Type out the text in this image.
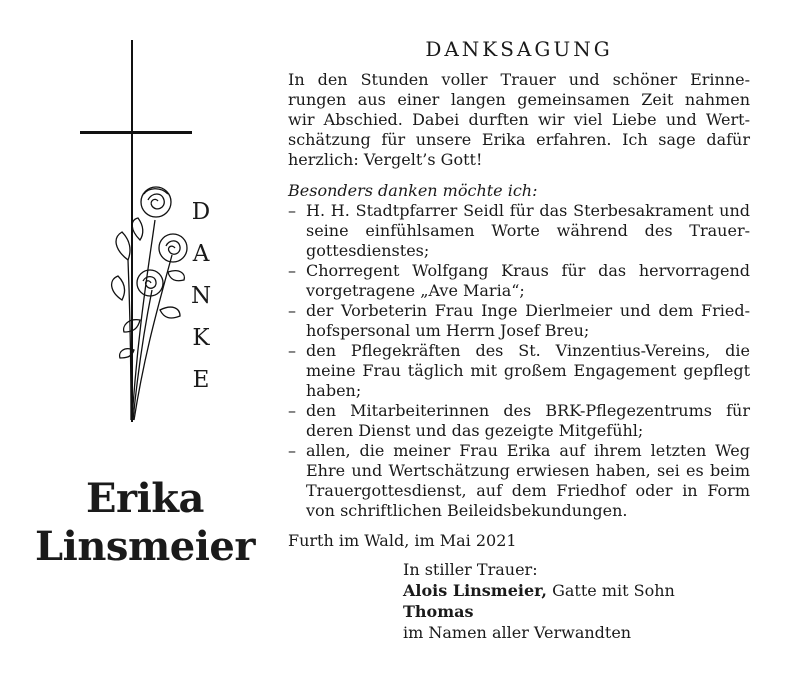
D
A
N
K
E
Erika
Linsmeier
DANKSAGUNG
In den Stunden voller Trauer und schöner Erinne-
rungen aus einer langen gemeinsamen Zeit nahmen
wir Abschied. Dabei durften wir viel Liebe und Wert-
schätzung für unsere Erika erfahren. Ich sage dafür
herzlich: Vergelt’s Gott!

Besonders danken möchte ich:

– H. H. Stadtpfarrer Seidl für das Sterbesakrament und seine einfühlsamen Worte während des Trauer-gottesdienstes;
– Chorregent Wolfgang Kraus für das hervorragend vorgetragene „Ave Maria“;
– der Vorbeterin Frau Inge Dierlmeier und dem Fried-hofspersonal um Herrn Josef Breu;
– den Pflegekräften des St. Vinzentius-Vereins, die meine Frau täglich mit großem Engagement gepflegt haben;
– den Mitarbeiterinnen des BRK-Pflegezentrums für deren Dienst und das gezeigte Mitgefühl;
– allen, die meiner Frau Erika auf ihrem letzten Weg Ehre und Wertschätzung erwiesen haben, sei es beim Trauergottesdienst, auf dem Friedhof oder in Form von schriftlichen Beileidsbekundungen.
Furth im Wald, im Mai 2021
In stiller Trauer:
Alois Linsmeier, Gatte mit Sohn Thomas
im Namen aller Verwandten
